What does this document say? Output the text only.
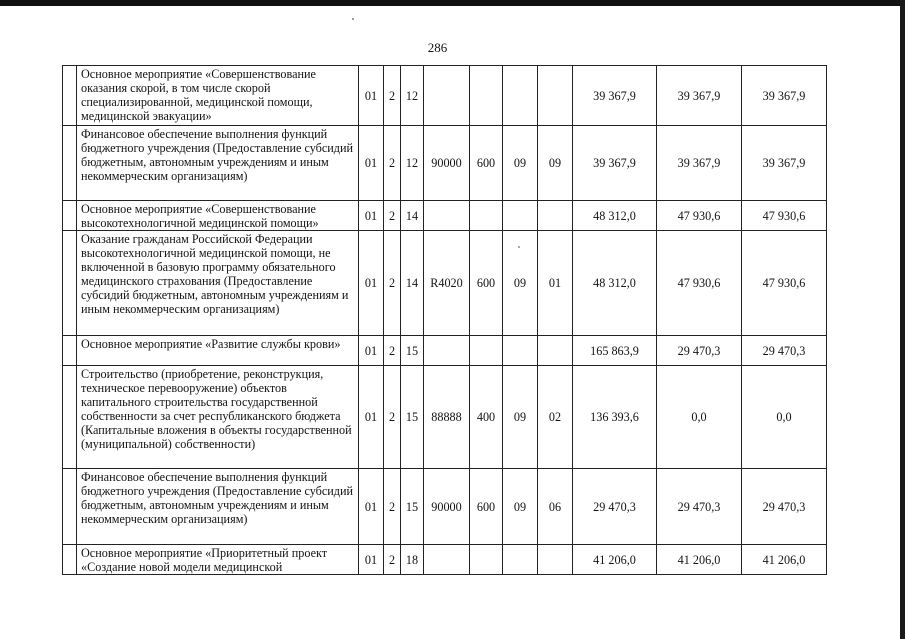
286
	Основное мероприятие «Совершенствование оказания скорой, в том числе скорой специализированной, медицинской помощи, медицинской эвакуации»	01	2	12					39 367,9	39 367,9	39 367,9
	Финансовое обеспечение выполнения функций бюджетного учреждения (Предоставление субсидий бюджетным, автономным учреждениям и иным некоммерческим организациям)	01	2	12	90000	600	09	09	39 367,9	39 367,9	39 367,9
	Основное мероприятие «Совершенствование высокотехнологичной медицинской помощи»	01	2	14					48 312,0	47 930,6	47 930,6
	Оказание гражданам Российской Федерации высокотехнологичной медицинской помощи, не включенной в базовую программу обязательного медицинского страхования (Предоставление субсидий бюджетным, автономным учреждениям и иным некоммерческим организациям)	01	2	14	R4020	600	09	01	48 312,0	47 930,6	47 930,6
	Основное мероприятие «Развитие службы крови»	01	2	15					165 863,9	29 470,3	29 470,3
	Строительство (приобретение, реконструкция, техническое перевооружение) объектов капитального строительства государственной собственности за счет республиканского бюджета (Капитальные вложения в объекты государственной (муниципальной) собственности)	01	2	15	88888	400	09	02	136 393,6	0,0	0,0
	Финансовое обеспечение выполнения функций бюджетного учреждения (Предоставление субсидий бюджетным, автономным учреждениям и иным некоммерческим организациям)	01	2	15	90000	600	09	06	29 470,3	29 470,3	29 470,3
	Основное мероприятие «Приоритетный проект «Создание новой модели медицинской	01	2	18					41 206,0	41 206,0	41 206,0
